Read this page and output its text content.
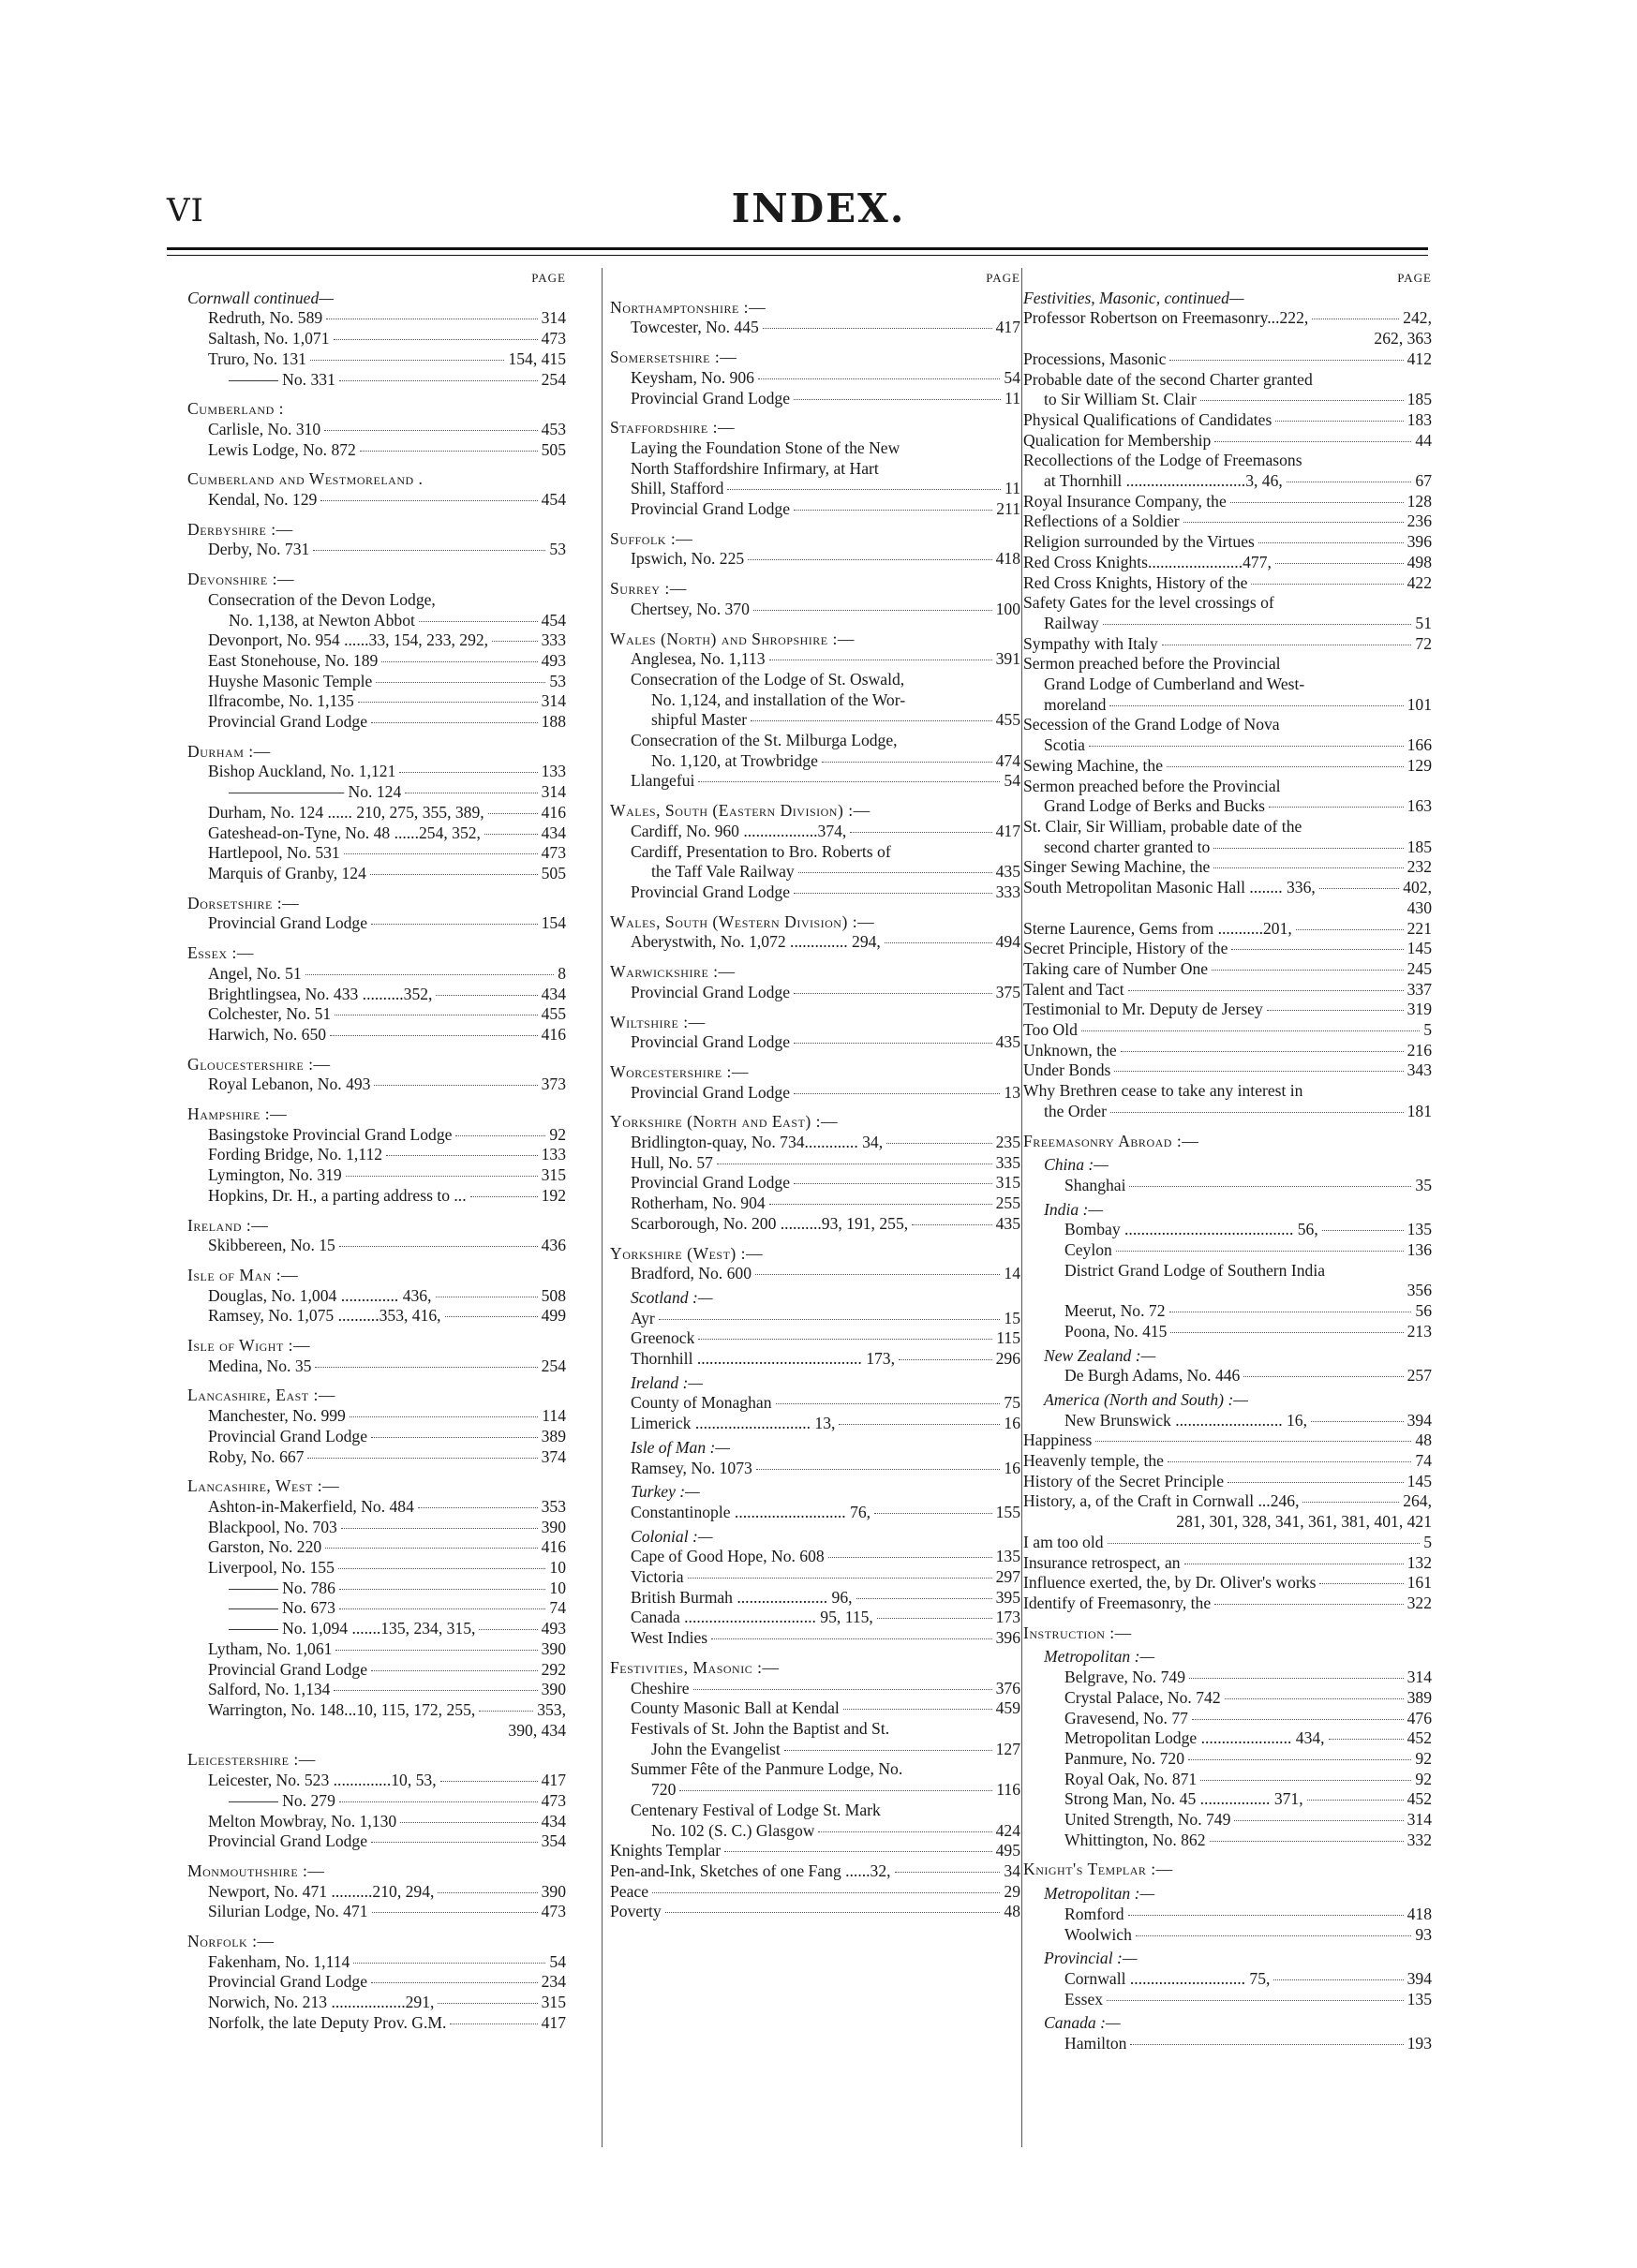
VI	INDEX.
PAGE
Cornwall continued—
Redruth, No. 589	314
Saltash, No. 1,071	473
Truro, No. 131	154, 415
——— No. 331	254
Cumberland :
Carlisle, No. 310	453
Lewis Lodge, No. 872	505
Cumberland and Westmoreland .
Kendal, No. 129	454
Derbyshire :—
Derby, No. 731	53
Devonshire :—
Consecration of the Devon Lodge,
No. 1,138, at Newton Abbot	454
Devonport, No. 954 ......33, 154, 233, 292,	333
East Stonehouse, No. 189	493
Huyshe Masonic Temple	53
Ilfracombe, No. 1,135	314
Provincial Grand Lodge	188
Durham :—
Bishop Auckland, No. 1,121	133
——————— No. 124	314
Durham, No. 124 ...... 210, 275, 355, 389,	416
Gateshead-on-Tyne, No. 48 ......254, 352,	434
Hartlepool, No. 531	473
Marquis of Granby, 124	505
Dorsetshire :—
Provincial Grand Lodge	154
Essex :—
Angel, No. 51	8
Brightlingsea, No. 433 ..........352,	434
Colchester, No. 51	455
Harwich, No. 650	416
Gloucestershire :—
Royal Lebanon, No. 493	373
Hampshire :—
Basingstoke Provincial Grand Lodge	92
Fording Bridge, No. 1,112	133
Lymington, No. 319	315
Hopkins, Dr. H., a parting address to ...	192
Ireland :—
Skibbereen, No. 15	436
Isle of Man :—
Douglas, No. 1,004 .............. 436,	508
Ramsey, No. 1,075 ..........353, 416,	499
Isle of Wight :—
Medina, No. 35	254
Lancashire, East :—
Manchester, No. 999	114
Provincial Grand Lodge	389
Roby, No. 667	374
Lancashire, West :—
Ashton-in-Makerfield, No. 484	353
Blackpool, No. 703	390
Garston, No. 220	416
Liverpool, No. 155	10
——— No. 786	10
——— No. 673	74
——— No. 1,094 .......135, 234, 315,	493
Lytham, No. 1,061	390
Provincial Grand Lodge	292
Salford, No. 1,134	390
Warrington, No. 148...10, 115, 172, 255,	353,
390, 434
Leicestershire :—
Leicester, No. 523 ..............10, 53,	417
——— No. 279	473
Melton Mowbray, No. 1,130	434
Provincial Grand Lodge	354
Monmouthshire :—
Newport, No. 471 ..........210, 294,	390
Silurian Lodge, No. 471	473
Norfolk :—
Fakenham, No. 1,114	54
Provincial Grand Lodge	234
Norwich, No. 213 ..................291,	315
Norfolk, the late Deputy Prov. G.M.	417
PAGE
Northamptonshire :—
Towcester, No. 445	417
Somersetshire :—
Keysham, No. 906	54
Provincial Grand Lodge	11
Staffordshire :—
Laying the Foundation Stone of the New
North Staffordshire Infirmary, at Hart
Shill, Stafford	11
Provincial Grand Lodge	211
Suffolk :—
Ipswich, No. 225	418
Surrey :—
Chertsey, No. 370	100
Wales (North) and Shropshire :—
Anglesea, No. 1,113	391
Consecration of the Lodge of St. Oswald,
No. 1,124, and installation of the Wor-
shipful Master	455
Consecration of the St. Milburga Lodge,
No. 1,120, at Trowbridge	474
Llangefui	54
Wales, South (Eastern Division) :—
Cardiff, No. 960 ..................374,	417
Cardiff, Presentation to Bro. Roberts of
the Taff Vale Railway	435
Provincial Grand Lodge	333
Wales, South (Western Division) :—
Aberystwith, No. 1,072 .............. 294,	494
Warwickshire :—
Provincial Grand Lodge	375
Wiltshire :—
Provincial Grand Lodge	435
Worcestershire :—
Provincial Grand Lodge	13
Yorkshire (North and East) :—
Bridlington-quay, No. 734............. 34,	235
Hull, No. 57	335
Provincial Grand Lodge	315
Rotherham, No. 904	255
Scarborough, No. 200 ..........93, 191, 255,	435
Yorkshire (West) :—
Bradford, No. 600	14
Scotland :—
Ayr	15
Greenock	115
Thornhill ........................................ 173,	296
Ireland :—
County of Monaghan	75
Limerick ............................ 13,	16
Isle of Man :—
Ramsey, No. 1073	16
Turkey :—
Constantinople ........................... 76,	155
Colonial :—
Cape of Good Hope, No. 608	135
Victoria	297
British Burmah ...................... 96,	395
Canada ................................ 95, 115,	173
West Indies	396
Festivities, Masonic :—
Cheshire	376
County Masonic Ball at Kendal	459
Festivals of St. John the Baptist and St.
John the Evangelist	127
Summer Fête of the Panmure Lodge, No.
720	116
Centenary Festival of Lodge St. Mark
No. 102 (S. C.) Glasgow	424
Knights Templar	495
Pen-and-Ink, Sketches of one Fang ......32,	34
Peace	29
Poverty	48
PAGE
Festivities, Masonic, continued—
Professor Robertson on Freemasonry...222,	242,
262, 363
Processions, Masonic	412
Probable date of the second Charter granted
to Sir William St. Clair	185
Physical Qualifications of Candidates	183
Qualication for Membership	44
Recollections of the Lodge of Freemasons
at Thornhill .............................3, 46,	67
Royal Insurance Company, the	128
Reflections of a Soldier	236
Religion surrounded by the Virtues	396
Red Cross Knights.......................477,	498
Red Cross Knights, History of the	422
Safety Gates for the level crossings of
Railway	51
Sympathy with Italy	72
Sermon preached before the Provincial
Grand Lodge of Cumberland and West-
moreland	101
Secession of the Grand Lodge of Nova
Scotia	166
Sewing Machine, the	129
Sermon preached before the Provincial
Grand Lodge of Berks and Bucks	163
St. Clair, Sir William, probable date of the
second charter granted to	185
Singer Sewing Machine, the	232
South Metropolitan Masonic Hall ........ 336,	402,
430
Sterne Laurence, Gems from ...........201,	221
Secret Principle, History of the	145
Taking care of Number One	245
Talent and Tact	337
Testimonial to Mr. Deputy de Jersey	319
Too Old	5
Unknown, the	216
Under Bonds	343
Why Brethren cease to take any interest in
the Order	181
Freemasonry Abroad :—
China :—
Shanghai	35
India :—
Bombay ......................................... 56,	135
Ceylon	136
District Grand Lodge of Southern India
356
Meerut, No. 72	56
Poona, No. 415	213
New Zealand :—
De Burgh Adams, No. 446	257
America (North and South) :—
New Brunswick .......................... 16,	394
Happiness	48
Heavenly temple, the	74
History of the Secret Principle	145
History, a, of the Craft in Cornwall ...246,	264,
281, 301, 328, 341, 361, 381, 401, 421
I am too old	5
Insurance retrospect, an	132
Influence exerted, the, by Dr. Oliver's works	161
Identify of Freemasonry, the	322
Instruction :—
Metropolitan :—
Belgrave, No. 749	314
Crystal Palace, No. 742	389
Gravesend, No. 77	476
Metropolitan Lodge ...................... 434,	452
Panmure, No. 720	92
Royal Oak, No. 871	92
Strong Man, No. 45 ................. 371,	452
United Strength, No. 749	314
Whittington, No. 862	332
Knight's Templar :—
Metropolitan :—
Romford	418
Woolwich	93
Provincial :—
Cornwall ............................ 75,	394
Essex	135
Canada :—
Hamilton	193
